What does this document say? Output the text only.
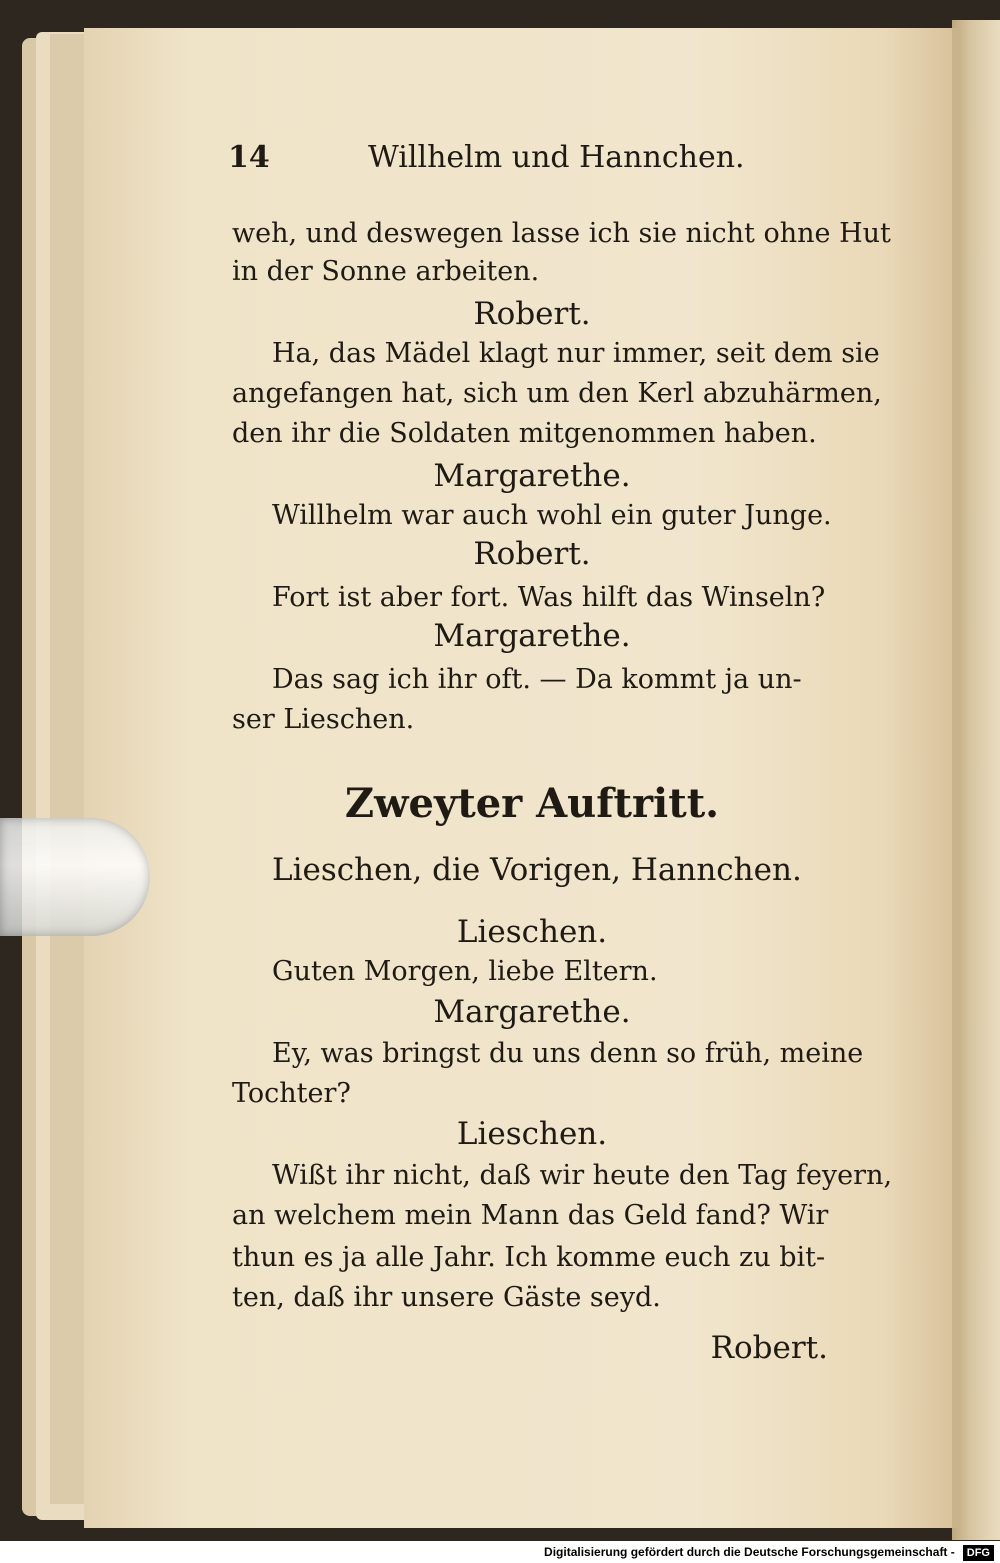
14	Willhelm und Hannchen.
weh, und deswegen lasse ich sie nicht ohne Hut
in der Sonne arbeiten.
Robert.
Ha, das Mädel klagt nur immer, seit dem sie
angefangen hat, sich um den Kerl abzuhärmen,
den ihr die Soldaten mitgenommen haben.
Margarethe.
Willhelm war auch wohl ein guter Junge.
Robert.
Fort ist aber fort. Was hilft das Winseln?
Margarethe.
Das sag ich ihr oft. — Da kommt ja un-
ser Lieschen.
Zweyter Auftritt.
Lieschen, die Vorigen, Hannchen.
Lieschen.
Guten Morgen, liebe Eltern.
Margarethe.
Ey, was bringst du uns denn so früh, meine
Tochter?
Lieschen.
Wißt ihr nicht, daß wir heute den Tag feyern,
an welchem mein Mann das Geld fand? Wir
thun es ja alle Jahr. Ich komme euch zu bit-
ten, daß ihr unsere Gäste seyd.
Robert.
Digitalisierung gefördert durch die Deutsche Forschungsgemeinschaft - DFG
